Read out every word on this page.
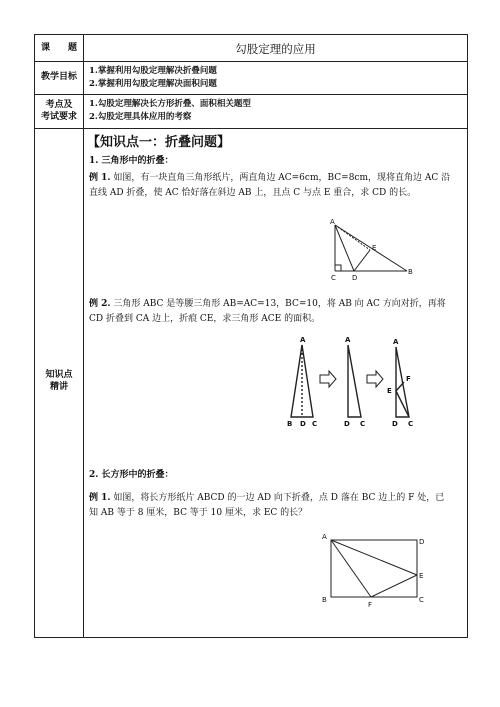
课　　题	勾股定理的应用
教学目标
1.掌握利用勾股定理解决折叠问题
2.掌握利用勾股定理解决面积问题
考点及
考试要求
1.勾股定理解决长方形折叠、面积相关题型
2.勾股定理具体应用的考察
知识点
精讲
【知识点一：折叠问题】
1. 三角形中的折叠：
例 1. 如图，有一块直角三角形纸片，两直角边 AC=6cm，BC=8cm，现将直角边 AC 沿
直线 AD 折叠，使 AC 恰好落在斜边 AB 上，且点 C 与点 E 重合，求 CD 的长。
A
C D
B
E
例 2. 三角形 ABC 是等腰三角形 AB=AC=13，BC=10，将 AB 向 AC 方向对折，再将
CD 折叠到 CA 边上，折痕 CE，求三角形 ACE 的面积。
A
B D C
A
D C
A
F
E
D C
2. 长方形中的折叠：
例 1. 如图，将长方形纸片 ABCD 的一边 AD 向下折叠，点 D 落在 BC 边上的 F 处，已
知 AB 等于 8 厘米，BC 等于 10 厘米，求 EC 的长？
A
D
B	C
E
F
